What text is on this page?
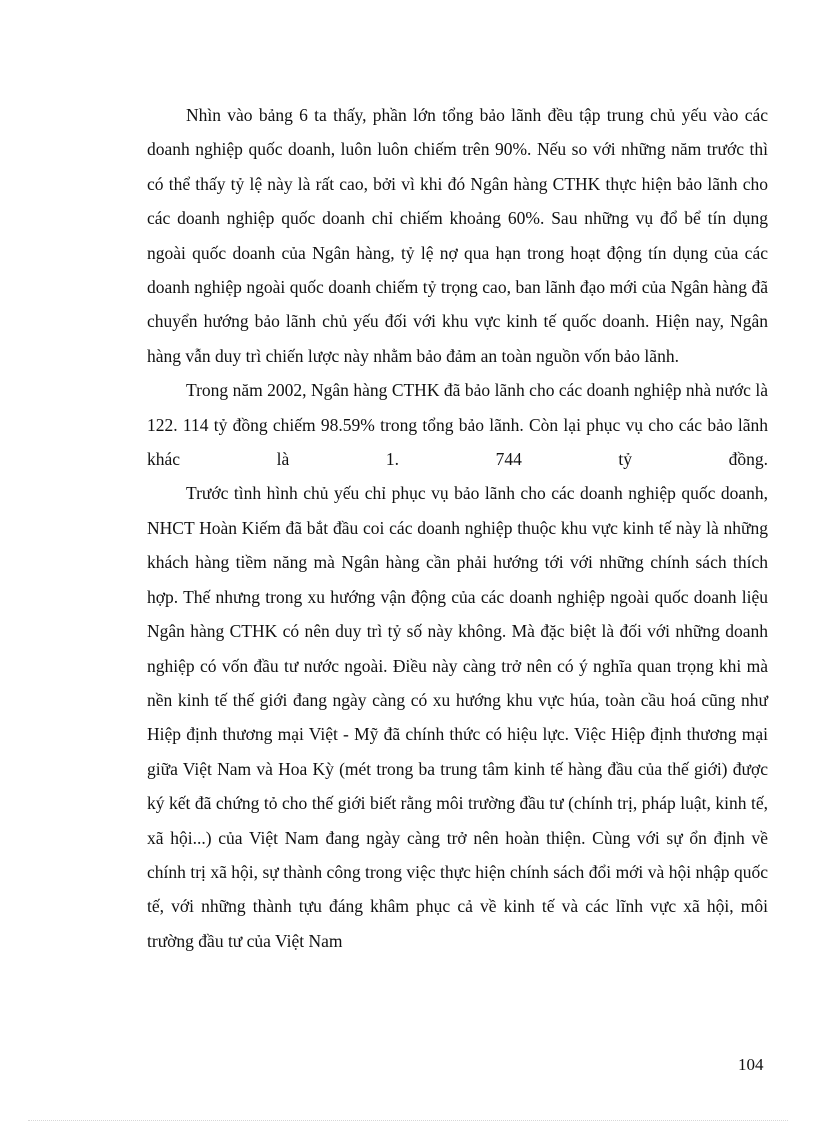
Nhìn vào bảng 6 ta thấy, phần lớn tổng bảo lãnh đều tập trung chủ yếu vào các doanh nghiệp quốc doanh, luôn luôn chiếm trên 90%. Nếu so với những năm trước thì có thể thấy tỷ lệ này là rất cao, bởi vì khi đó Ngân hàng CTHK thực hiện bảo lãnh cho các doanh nghiệp quốc doanh chỉ chiếm khoảng 60%. Sau những vụ đổ bể tín dụng ngoài quốc doanh của Ngân hàng, tỷ lệ nợ qua hạn trong hoạt động tín dụng của các doanh nghiệp ngoài quốc doanh chiếm tỷ trọng cao, ban lãnh đạo mới của Ngân hàng đã chuyển hướng bảo lãnh chủ yếu đối với khu vực kinh tế quốc doanh. Hiện nay, Ngân hàng vẫn duy trì chiến lược này nhằm bảo đảm an toàn nguồn vốn bảo lãnh.

Trong năm 2002, Ngân hàng CTHK đã bảo lãnh cho các doanh nghiệp nhà nước là 122. 114 tỷ đồng chiếm 98.59% trong tổng bảo lãnh. Còn lại phục vụ cho các bảo lãnh khác là 1. 744 tỷ đồng.

Trước tình hình chủ yếu chỉ phục vụ bảo lãnh cho các doanh nghiệp quốc doanh, NHCT Hoàn Kiếm đã bắt đầu coi các doanh nghiệp thuộc khu vực kinh tế này là những khách hàng tiềm năng mà Ngân hàng cần phải hướng tới với những chính sách thích hợp. Thế nhưng trong xu hướng vận động của các doanh nghiệp ngoài quốc doanh liệu Ngân hàng CTHK có nên duy trì tỷ số này không. Mà đặc biệt là đối với những doanh nghiệp có vốn đầu tư nước ngoài. Điều này càng trở nên có ý nghĩa quan trọng khi mà nền kinh tế thế giới đang ngày càng có xu hướng khu vực húa, toàn cầu hoá cũng như Hiệp định thương mại Việt - Mỹ đã chính thức có hiệu lực. Việc Hiệp định thương mại giữa Việt Nam và Hoa Kỳ (mét trong ba trung tâm kinh tế hàng đầu của thế giới) được ký kết đã chứng tỏ cho thế giới biết rằng môi trường đầu tư (chính trị, pháp luật, kinh tế, xã hội...) của Việt Nam đang ngày càng trở nên hoàn thiện. Cùng với sự ổn định về chính trị xã hội, sự thành công trong việc thực hiện chính sách đổi mới và hội nhập quốc tế, với những thành tựu đáng khâm phục cả về kinh tế và các lĩnh vực xã hội, môi trường đầu tư của Việt Nam

104
